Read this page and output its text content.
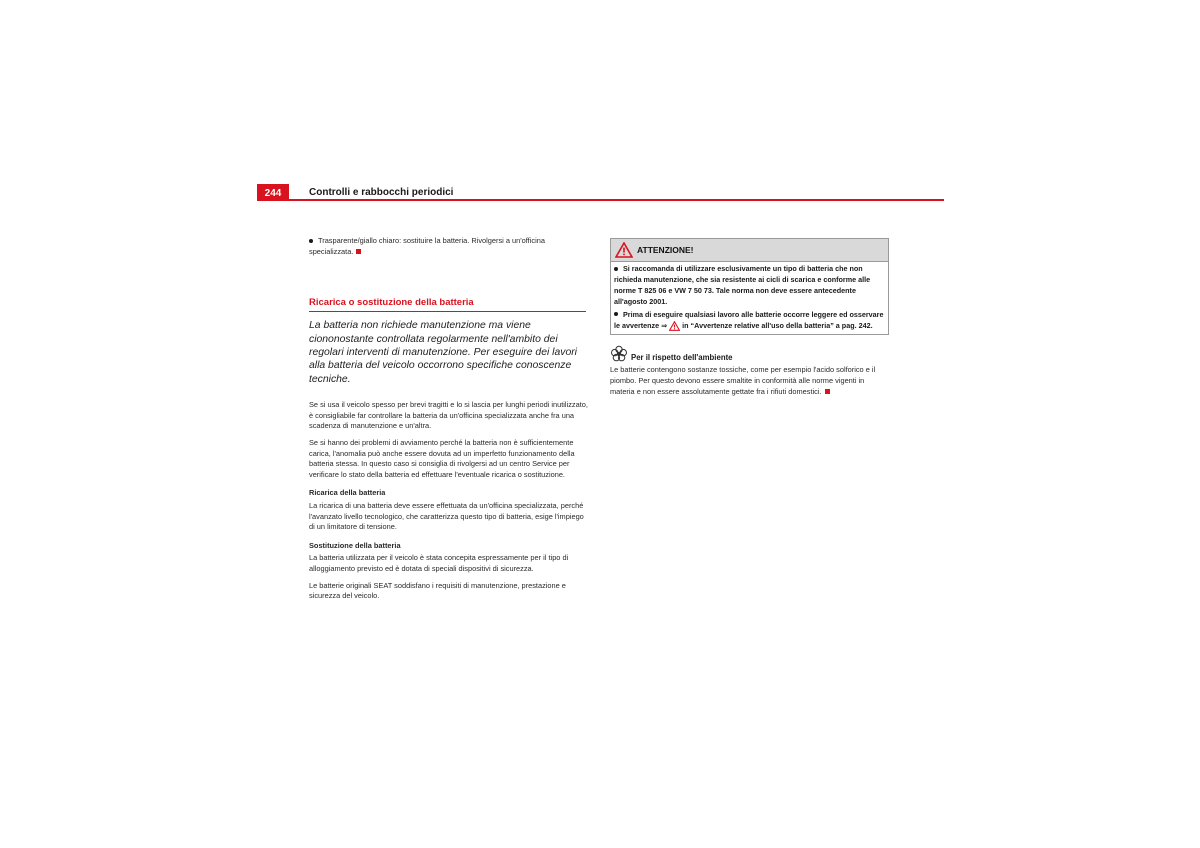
244	Controlli e rabbocchi periodici

Trasparente/giallo chiaro: sostituire la batteria. Rivolgersi a un'officina specializzata.

Ricarica o sostituzione della batteria

La batteria non richiede manutenzione ma viene ciononostante controllata regolarmente nell'ambito dei regolari interventi di manutenzione. Per eseguire dei lavori alla batteria del veicolo occorrono specifiche conoscenze tecniche.

Se si usa il veicolo spesso per brevi tragitti e lo si lascia per lunghi periodi inutilizzato, è consigliabile far controllare la batteria da un'officina specializzata anche fra una scadenza di manutenzione e un'altra.

Se si hanno dei problemi di avviamento perché la batteria non è sufficientemente carica, l'anomalia può anche essere dovuta ad un imperfetto funzionamento della batteria stessa. In questo caso si consiglia di rivolgersi ad un centro Service per verificare lo stato della batteria ed effettuare l'eventuale ricarica o sostituzione.

Ricarica della batteria

La ricarica di una batteria deve essere effettuata da un'officina specializzata, perché l'avanzato livello tecnologico, che caratterizza questo tipo di batteria, esige l'impiego di un limitatore di tensione.

Sostituzione della batteria

La batteria utilizzata per il veicolo è stata concepita espressamente per il tipo di alloggiamento previsto ed è dotata di speciali dispositivi di sicurezza.

Le batterie originali SEAT soddisfano i requisiti di manutenzione, prestazione e sicurezza del veicolo.

ATTENZIONE!

Si raccomanda di utilizzare esclusivamente un tipo di batteria che non richieda manutenzione, che sia resistente ai cicli di scarica e conforme alle norme T 825 06 e VW 7 50 73. Tale norma non deve essere antecedente all'agosto 2001.

Prima di eseguire qualsiasi lavoro alle batterie occorre leggere ed osservare le avvertenze ⇒ in “Avvertenze relative all'uso della batteria” a pag. 242.

Per il rispetto dell'ambiente

Le batterie contengono sostanze tossiche, come per esempio l'acido solforico e il piombo. Per questo devono essere smaltite in conformità alle norme vigenti in materia e non essere assolutamente gettate fra i rifiuti domestici.
